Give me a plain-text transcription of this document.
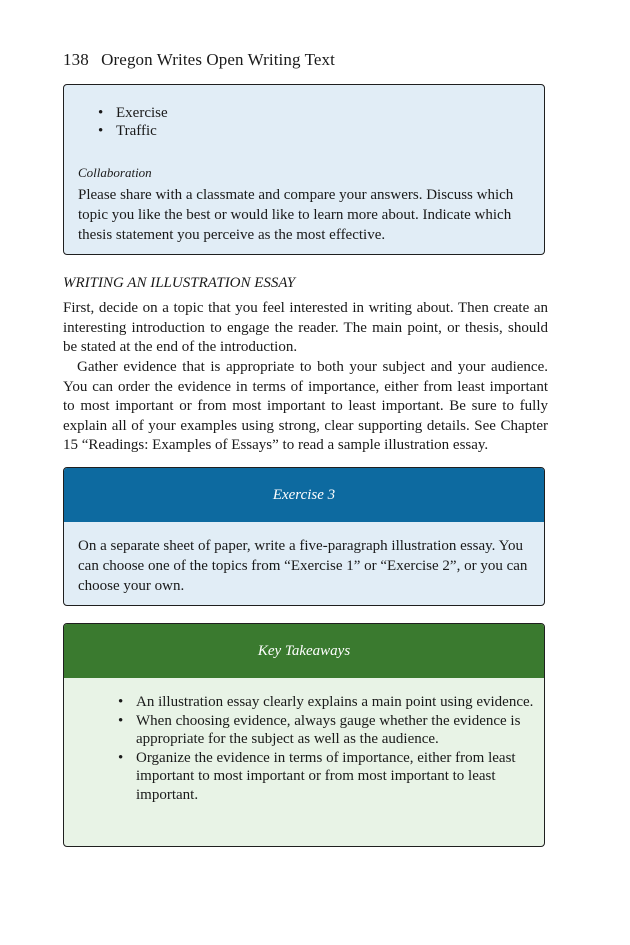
138 Oregon Writes Open Writing Text
• Exercise
• Traffic
Collaboration
Please share with a classmate and compare your answers. Discuss which topic you like the best or would like to learn more about. Indicate which thesis statement you perceive as the most effective.
WRITING AN ILLUSTRATION ESSAY
First, decide on a topic that you feel interested in writing about. Then create an interesting introduction to engage the reader. The main point, or thesis, should be stated at the end of the introduction.
Gather evidence that is appropriate to both your subject and your audience. You can order the evidence in terms of importance, either from least important to most important or from most important to least important. Be sure to fully explain all of your examples using strong, clear supporting details. See Chapter 15 “Readings: Examples of Essays” to read a sample illustration essay.
Exercise 3
On a separate sheet of paper, write a five-paragraph illustration essay. You can choose one of the topics from “Exercise 1” or “Exercise 2”, or you can choose your own.
Key Takeaways
• An illustration essay clearly explains a main point using evidence.
• When choosing evidence, always gauge whether the evidence is appropriate for the subject as well as the audience.
• Organize the evidence in terms of importance, either from least important to most important or from most important to least important.
